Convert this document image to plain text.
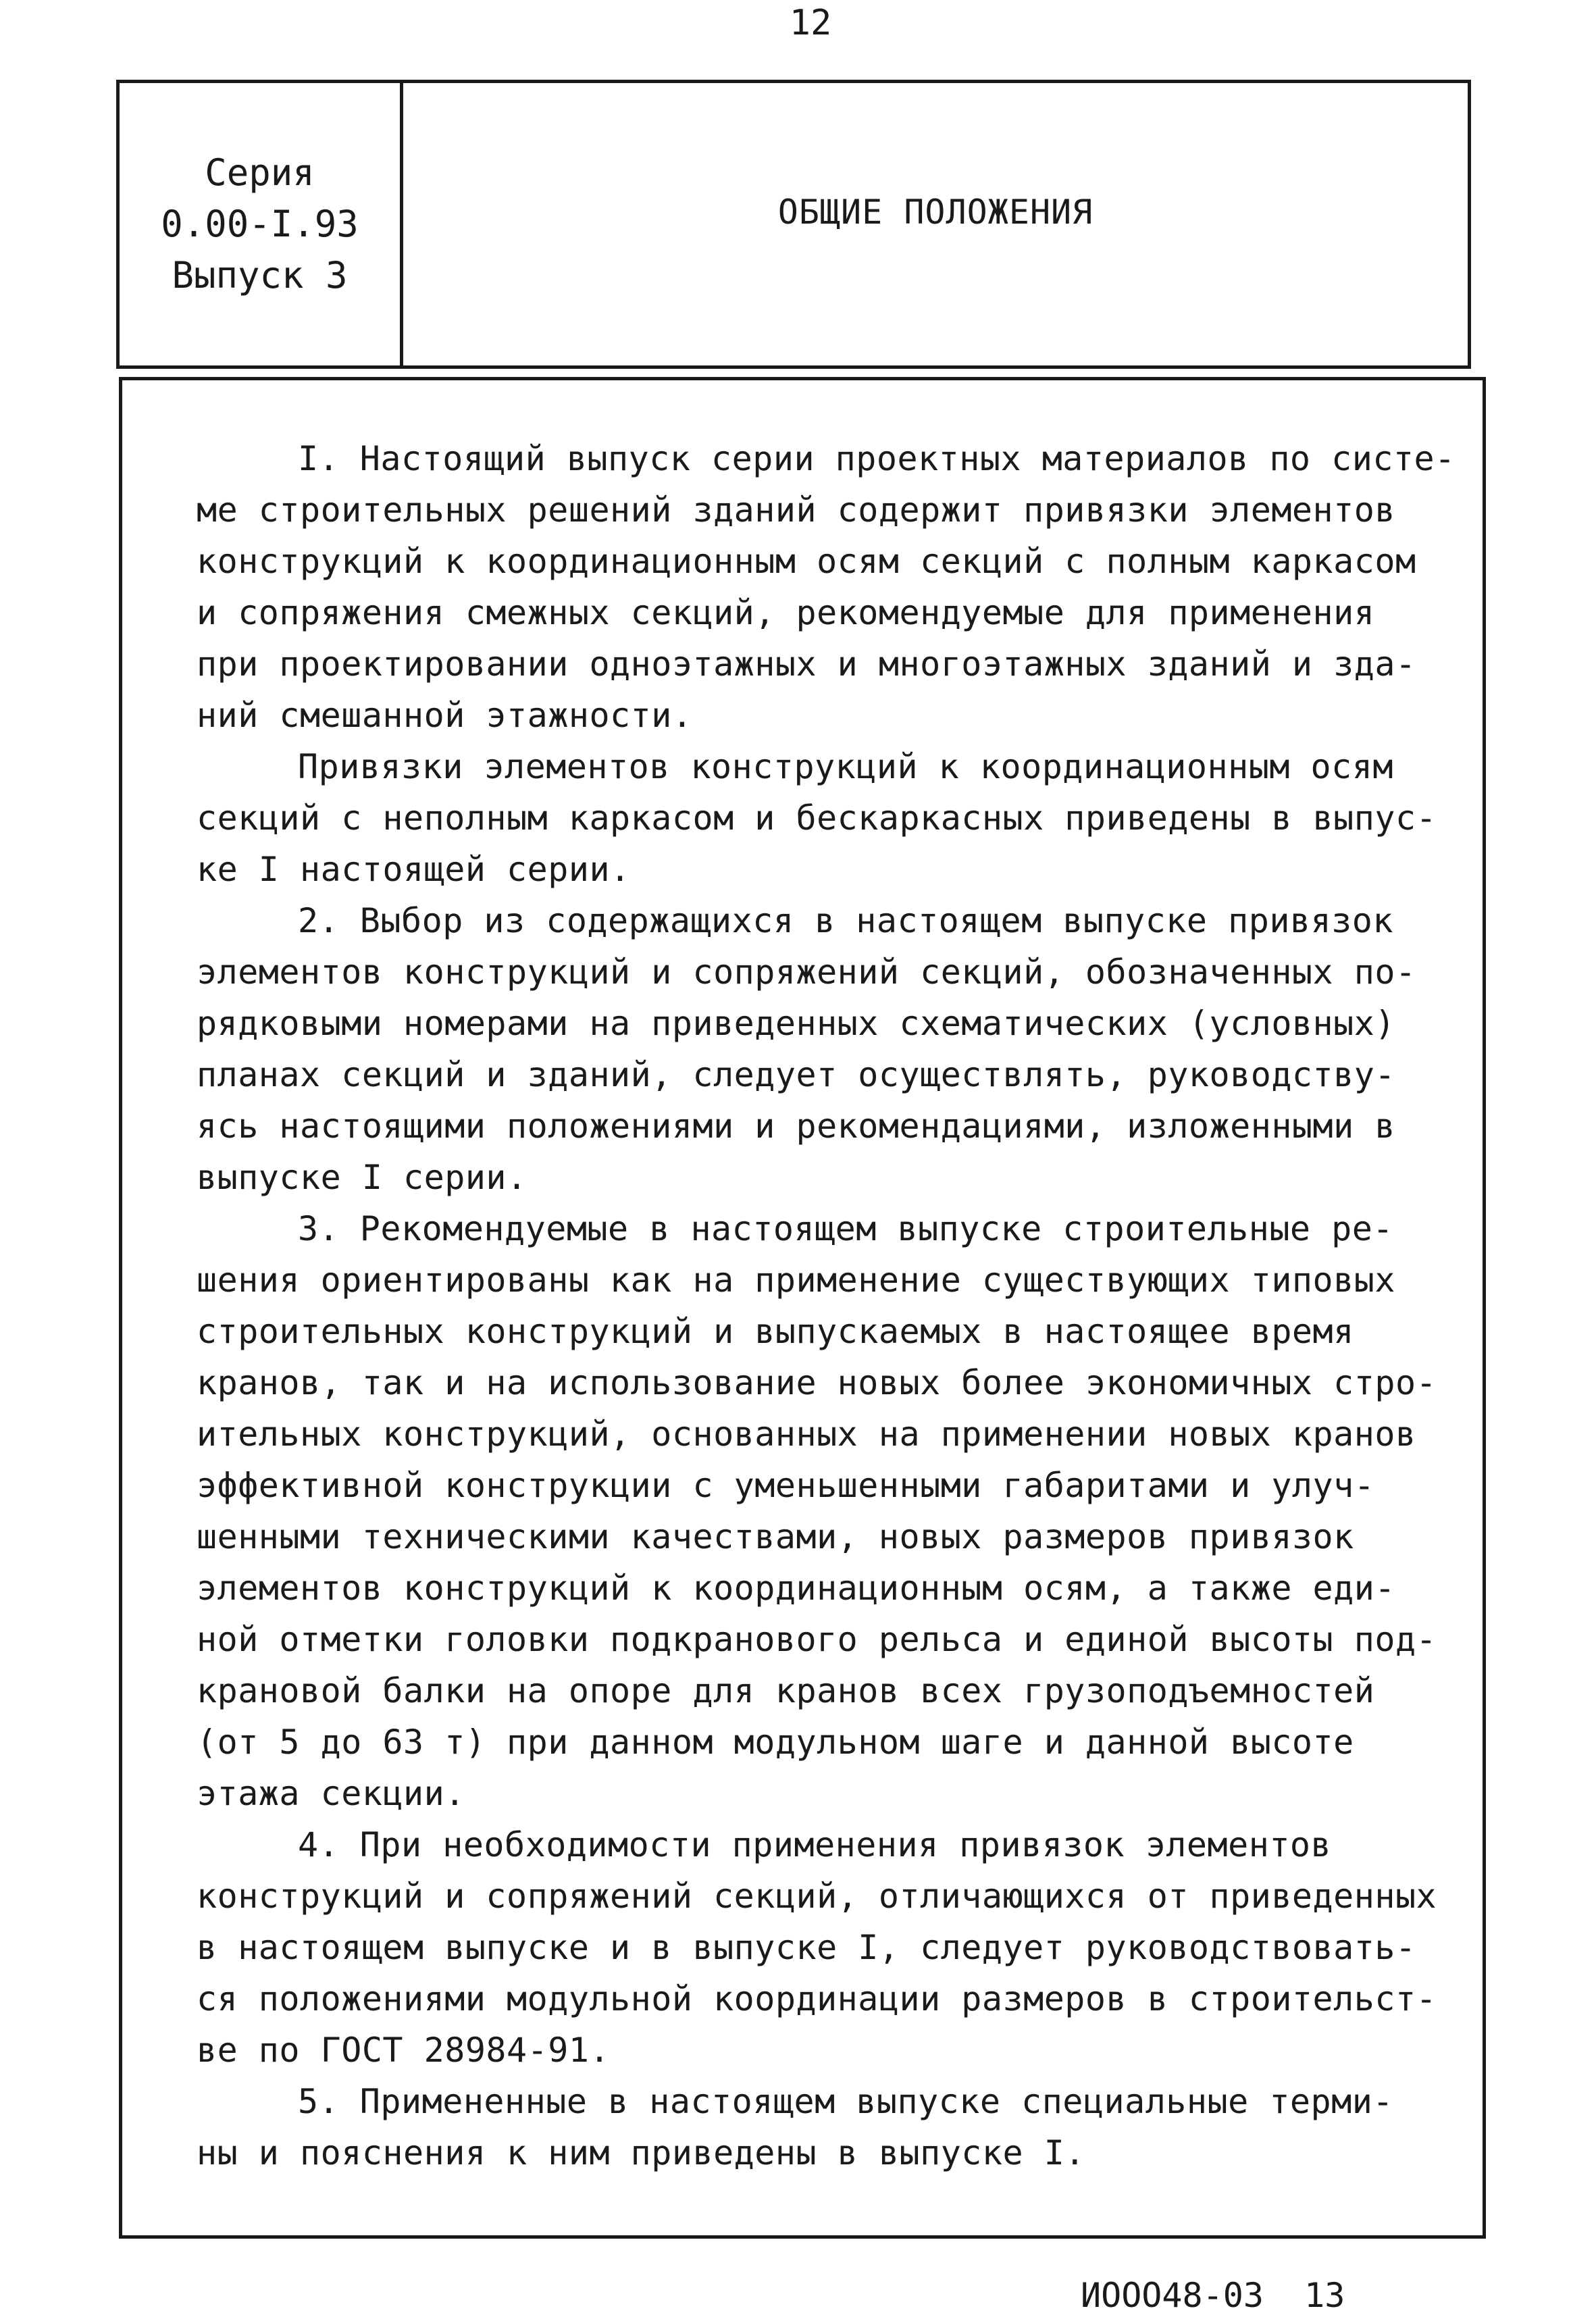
12
Серия
0.00-I.93
Выпуск 3
ОБЩИЕ ПОЛОЖЕНИЯ
I. Настоящий выпуск серии проектных материалов по систе-
ме строительных решений зданий содержит привязки элементов
конструкций к координационным осям секций с полным каркасом
и сопряжения смежных секций, рекомендуемые для применения
при проектировании одноэтажных и многоэтажных зданий и зда-
ний смешанной этажности.
Привязки элементов конструкций к координационным осям
секций с неполным каркасом и бескаркасных приведены в выпус-
ке I настоящей серии.
2. Выбор из содержащихся в настоящем выпуске привязок
элементов конструкций и сопряжений секций, обозначенных по-
рядковыми номерами на приведенных схематических (условных)
планах секций и зданий, следует осуществлять, руководству-
ясь настоящими положениями и рекомендациями, изложенными в
выпуске I серии.
3. Рекомендуемые в настоящем выпуске строительные ре-
шения ориентированы как на применение существующих типовых
строительных конструкций и выпускаемых в настоящее время
кранов, так и на использование новых более экономичных стро-
ительных конструкций, основанных на применении новых кранов
эффективной конструкции с уменьшенными габаритами и улуч-
шенными техническими качествами, новых размеров привязок
элементов конструкций к координационным осям, а также еди-
ной отметки головки подкранового рельса и единой высоты под-
крановой балки на опоре для кранов всех грузоподъемностей
(от 5 до 63 т) при данном модульном шаге и данной высоте
этажа секции.
4. При необходимости применения привязок элементов
конструкций и сопряжений секций, отличающихся от приведенных
в настоящем выпуске и в выпуске I, следует руководствовать-
ся положениями модульной координации размеров в строительст-
ве по ГОСТ 28984-91.
5. Примененные в настоящем выпуске специальные терми-
ны и пояснения к ним приведены в выпуске I.
ИООО48-03  13
